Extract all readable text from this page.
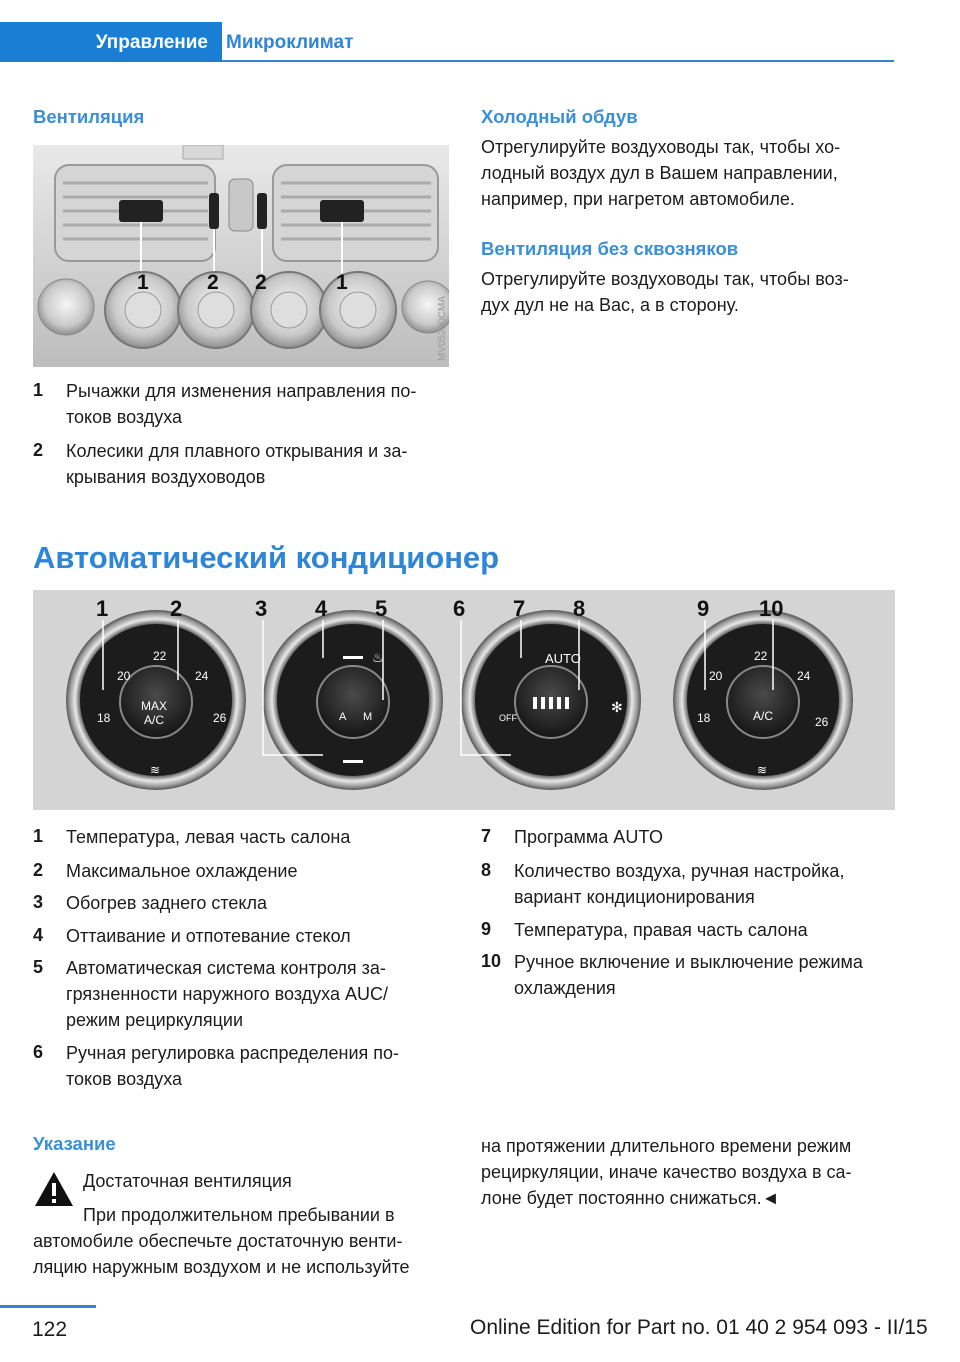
Управление Микроклимат
Вентиляция
1	2 2	1
MV05290CMA
1 Рычажки для изменения направления по-
токов воздуха
2 Колесики для плавного открывания и за-
крывания воздуховодов
Холодный обдув
Отрегулируйте воздуховоды так, чтобы хо-
лодный воздух дул в Вашем направлении,
например, при нагретом автомобиле.
Вентиляция без сквозняков
Отрегулируйте воздуховоды так, чтобы воз-
дух дул не на Вас, а в сторону.
Автоматический кондиционер
MAX
A/C
20
22
24
18	26
≋
A M
♨	AUTO
OFF
✻
A/C
20
22
24
18	26
≋
1	2	3 4 5	6 7 8	9 10
1 Температура, левая часть салона
2 Максимальное охлаждение
3 Обогрев заднего стекла
4 Оттаивание и отпотевание стекол
5 Автоматическая система контроля за-
грязненности наружного воздуха AUC/
режим рециркуляции
6 Ручная регулировка распределения по-
токов воздуха
7 Программа AUTO
8 Количество воздуха, ручная настройка,
вариант кондиционирования
9 Температура, правая часть салона
10 Ручное включение и выключение режима
охлаждения
Указание
Достаточная вентиляция
При продолжительном пребывании в
автомобиле обеспечьте достаточную венти-
ляцию наружным воздухом и не используйте
на протяжении длительного времени режим
рециркуляции, иначе качество воздуха в са-
лоне будет постоянно снижаться.◄
122	Online Edition for Part no. 01 40 2 954 093 - II/15
